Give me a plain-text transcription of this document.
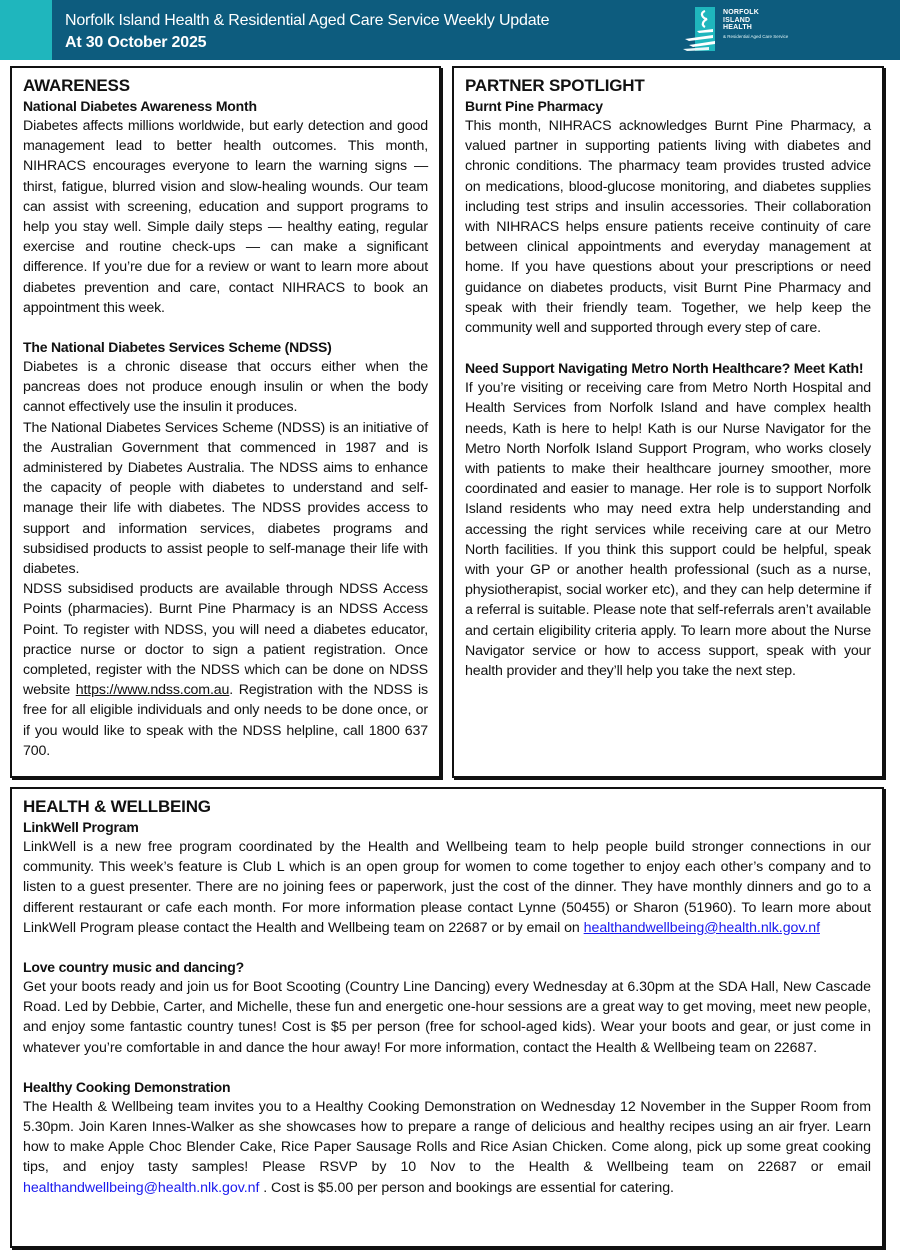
Norfolk Island Health & Residential Aged Care Service Weekly Update
At 30 October 2025
NORFOLK
ISLAND
HEALTH
& Residential Aged Care Service
AWARENESS
National Diabetes Awareness Month

Diabetes affects millions worldwide, but early detection and good management lead to better health outcomes. This month, NIHRACS encourages everyone to learn the warning signs — thirst, fatigue, blurred vision and slow-healing wounds. Our team can assist with screening, education and support programs to help you stay well. Simple daily steps — healthy eating, regular exercise and routine check-ups — can make a significant difference. If you’re due for a review or want to learn more about diabetes prevention and care, contact NIHRACS to book an appointment this week.

The National Diabetes Services Scheme (NDSS)

Diabetes is a chronic disease that occurs either when the pancreas does not produce enough insulin or when the body cannot effectively use the insulin it produces.

The National Diabetes Services Scheme (NDSS) is an initiative of the Australian Government that commenced in 1987 and is administered by Diabetes Australia. The NDSS aims to enhance the capacity of people with diabetes to understand and self-manage their life with diabetes. The NDSS provides access to support and information services, diabetes programs and subsidised products to assist people to self-manage their life with diabetes.

NDSS subsidised products are available through NDSS Access Points (pharmacies). Burnt Pine Pharmacy is an NDSS Access Point. To register with NDSS, you will need a diabetes educator, practice nurse or doctor to sign a patient registration. Once completed, register with the NDSS which can be done on NDSS website https://www.ndss.com.au. Registration with the NDSS is free for all eligible individuals and only needs to be done once, or if you would like to speak with the NDSS helpline, call 1800 637 700.

PARTNER SPOTLIGHT
Burnt Pine Pharmacy

This month, NIHRACS acknowledges Burnt Pine Pharmacy, a valued partner in supporting patients living with diabetes and chronic conditions. The pharmacy team provides trusted advice on medications, blood-glucose monitoring, and diabetes supplies including test strips and insulin accessories. Their collaboration with NIHRACS helps ensure patients receive continuity of care between clinical appointments and everyday management at home. If you have questions about your prescriptions or need guidance on diabetes products, visit Burnt Pine Pharmacy and speak with their friendly team. Together, we help keep the community well and supported through every step of care.

Need Support Navigating Metro North Healthcare? Meet Kath!

If you’re visiting or receiving care from Metro North Hospital and Health Services from Norfolk Island and have complex health needs, Kath is here to help! Kath is our Nurse Navigator for the Metro North Norfolk Island Support Program, who works closely with patients to make their healthcare journey smoother, more coordinated and easier to manage. Her role is to support Norfolk Island residents who may need extra help understanding and accessing the right services while receiving care at our Metro North facilities. If you think this support could be helpful, speak with your GP or another health professional (such as a nurse, physiotherapist, social worker etc), and they can help determine if a referral is suitable. Please note that self-referrals aren’t available and certain eligibility criteria apply. To learn more about the Nurse Navigator service or how to access support, speak with your health provider and they’ll help you take the next step.

HEALTH & WELLBEING
LinkWell Program

LinkWell is a new free program coordinated by the Health and Wellbeing team to help people build stronger connections in our community. This week’s feature is Club L which is an open group for women to come together to enjoy each other’s company and to listen to a guest presenter. There are no joining fees or paperwork, just the cost of the dinner. They have monthly dinners and go to a different restaurant or cafe each month. For more information please contact Lynne (50455) or Sharon (51960). To learn more about LinkWell Program please contact the Health and Wellbeing team on 22687 or by email on healthandwellbeing@health.nlk.gov.nf

Love country music and dancing?

Get your boots ready and join us for Boot Scooting (Country Line Dancing) every Wednesday at 6.30pm at the SDA Hall, New Cascade Road. Led by Debbie, Carter, and Michelle, these fun and energetic one-hour sessions are a great way to get moving, meet new people, and enjoy some fantastic country tunes! Cost is $5 per person (free for school-aged kids). Wear your boots and gear, or just come in whatever you’re comfortable in and dance the hour away! For more information, contact the Health & Wellbeing team on 22687.

Healthy Cooking Demonstration

The Health & Wellbeing team invites you to a Healthy Cooking Demonstration on Wednesday 12 November in the Supper Room from 5.30pm. Join Karen Innes-Walker as she showcases how to prepare a range of delicious and healthy recipes using an air fryer. Learn how to make Apple Choc Blender Cake, Rice Paper Sausage Rolls and Rice Asian Chicken. Come along, pick up some great cooking tips, and enjoy tasty samples! Please RSVP by 10 Nov to the Health & Wellbeing team on 22687 or email healthandwellbeing@health.nlk.gov.nf . Cost is $5.00 per person and bookings are essential for catering.
